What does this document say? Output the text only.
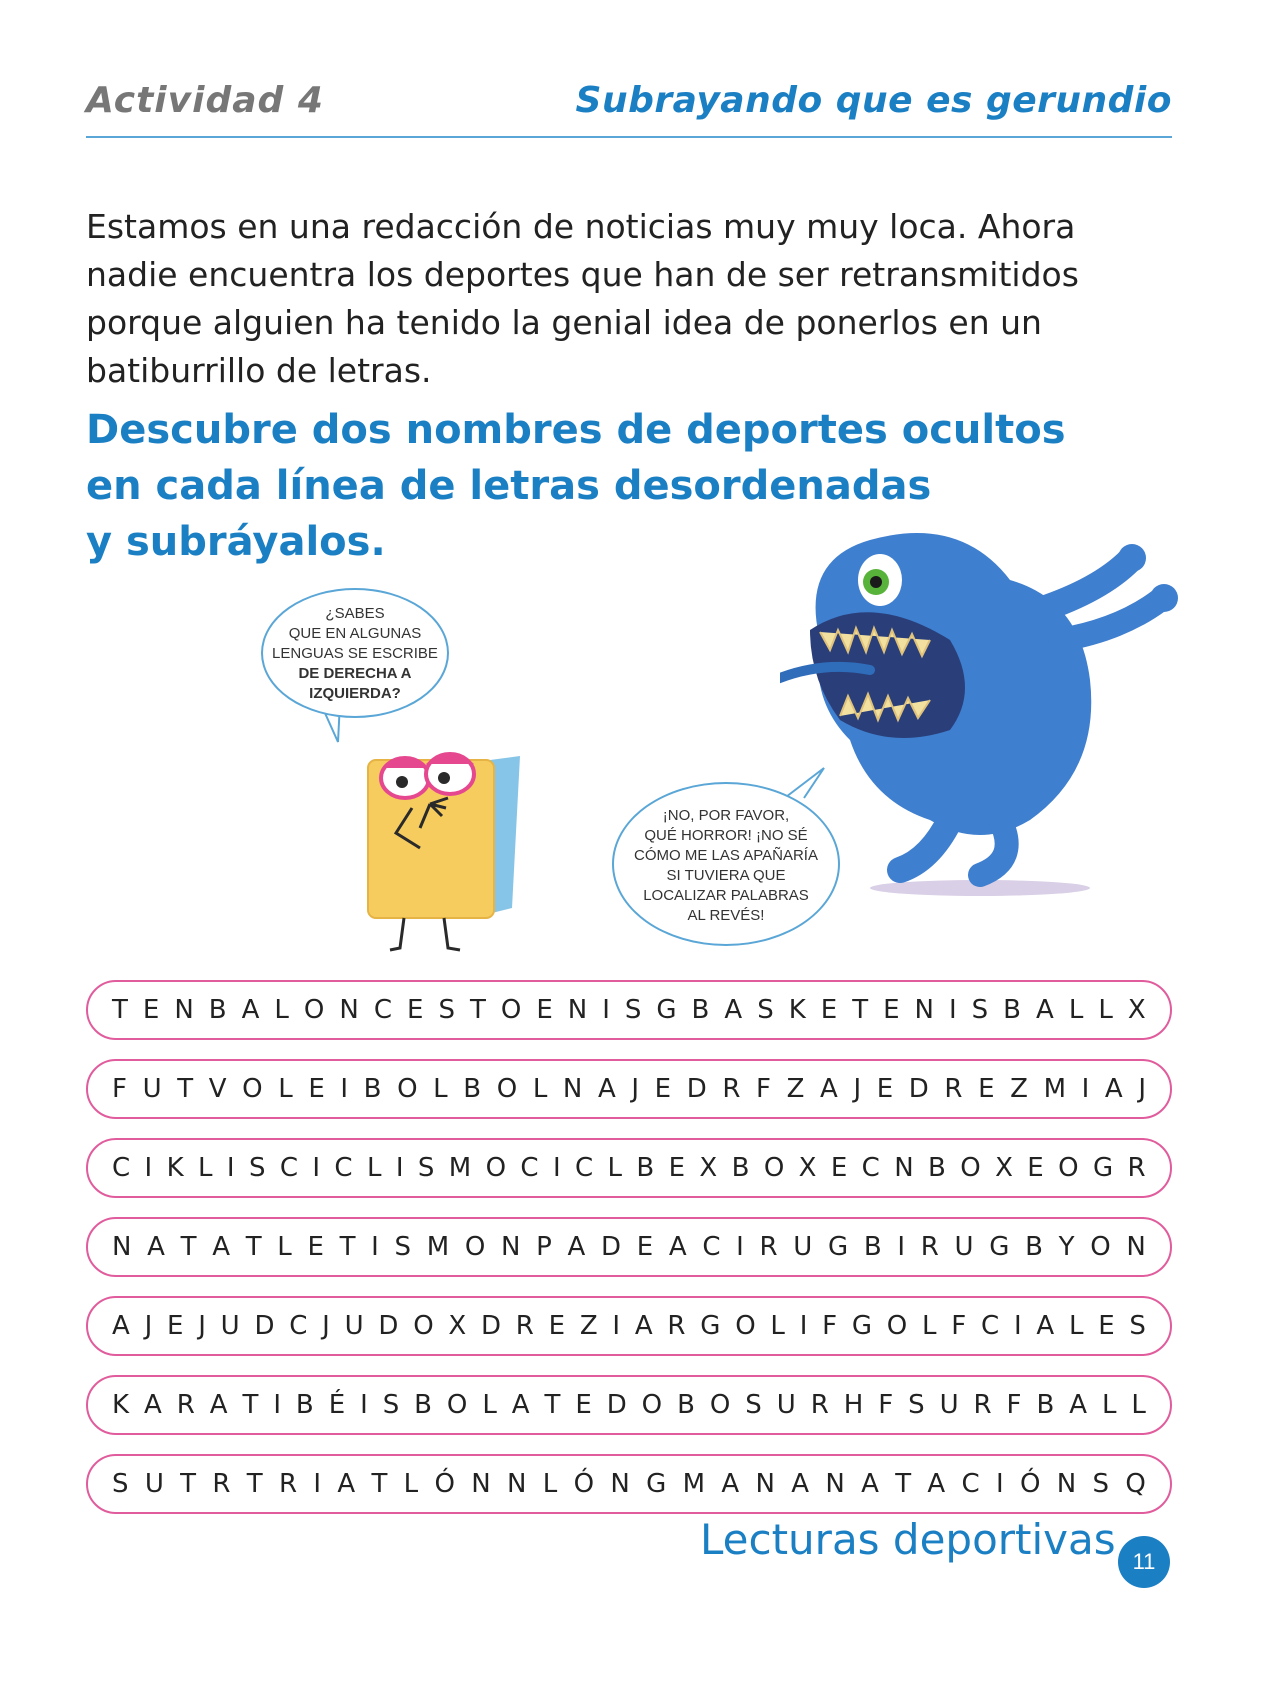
Actividad 4	Subrayando que es gerundio
Estamos en una redacción de noticias muy muy loca. Ahora
nadie encuentra los deportes que han de ser retransmitidos
porque alguien ha tenido la genial idea de ponerlos en un
batiburrillo de letras.
Descubre dos nombres de deportes ocultos
en cada línea de letras desordenadas
y subráyalos.
¿SABES
QUE EN ALGUNAS
LENGUAS SE ESCRIBE
DE DERECHA A
IZQUIERDA?
¡NO, POR FAVOR,
QUÉ HORROR! ¡NO SÉ
CÓMO ME LAS APAÑARÍA
SI TUVIERA QUE
LOCALIZAR PALABRAS
AL REVÉS!
T E N B A L O N C E S T O E N I S G B A S K E T E N I S B A L L X
F U T V O L E I B O L B O L N A J E D R F Z A J E D R E Z M I A J
C I K L I S C I C L I S M O C I C L B E X B O X E C N B O X E O G R
N A T A T L E T I S M O N P A D E A C I R U G B I R U G B Y O N
A J E J U D C J U D O X D R E Z I A R G O L I F G O L F C I A L E S
K A R A T I B É I S B O L A T E D O B O S U R H F S U R F B A L L
S U T R T R I A T L Ó N N L Ó N G M A N A N A T A C I Ó N S Q
Lecturas deportivas 11
